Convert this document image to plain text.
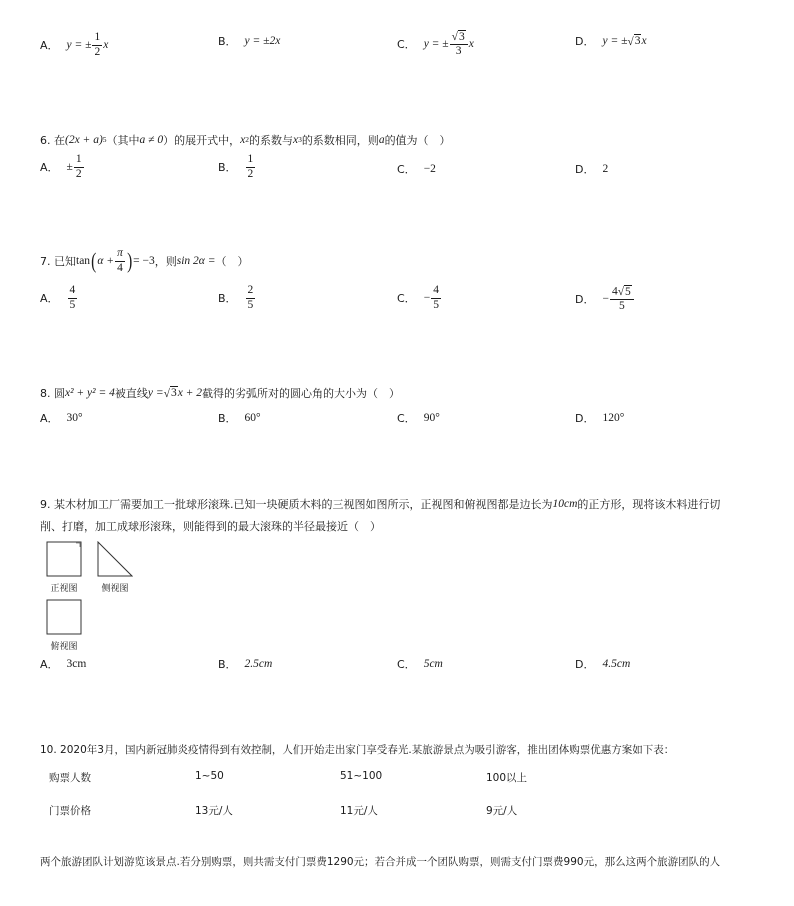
A． y = ± $\frac{1}{2}$ x	B． y = ±2x	C． y = ± $\frac{√ 3}{3}$ x	D． y = ± √ 3 x
6. 在 (2x + a) 5 （其中 a ≠ 0 ）的展开式中， x 2 的系数与 x 3 的系数相同，则 a 的值为（　）
A． ± $\frac{1}{2}$	B． $\frac{1}{2}$	C． −2	D． 2
7. 已知 tan ( $\alpha + \frac{\pi}{4}$ ) = −3 ，则 sin 2α = （　）
A． $\frac{4}{5}$	B． $\frac{2}{5}$	C． − $\frac{4}{5}$	D． − $\frac{4√ 5}{5}$
8. 圆 x² + y² = 4 被直线 y = √ 3 x + 2 截得的劣弧所对的圆心角的大小为（　）
A． 30°	B． 60°	C． 90°	D． 120°
9. 某木材加工厂需要加工一批球形滚珠.已知一块硬质木料的三视图如图所示，正视图和俯视图都是边长为 10cm 的正方形，现将该木料进行切
削、打磨，加工成球形滚珠，则能得到的最大滚珠的半径最接近（　）
正视图	侧视图
俯视图
A． 3cm	B． 2.5cm	C． 5cm	D． 4.5cm
10. 2020年3月，国内新冠肺炎疫情得到有效控制，人们开始走出家门享受春光.某旅游景点为吸引游客，推出团体购票优惠方案如下表：
购票人数	1~50	51~100	100以上
门票价格	13元/人	11元/人	9元/人
两个旅游团队计划游览该景点.若分别购票，则共需支付门票费1290元；若合并成一个团队购票，则需支付门票费990元，那么这两个旅游团队的人
